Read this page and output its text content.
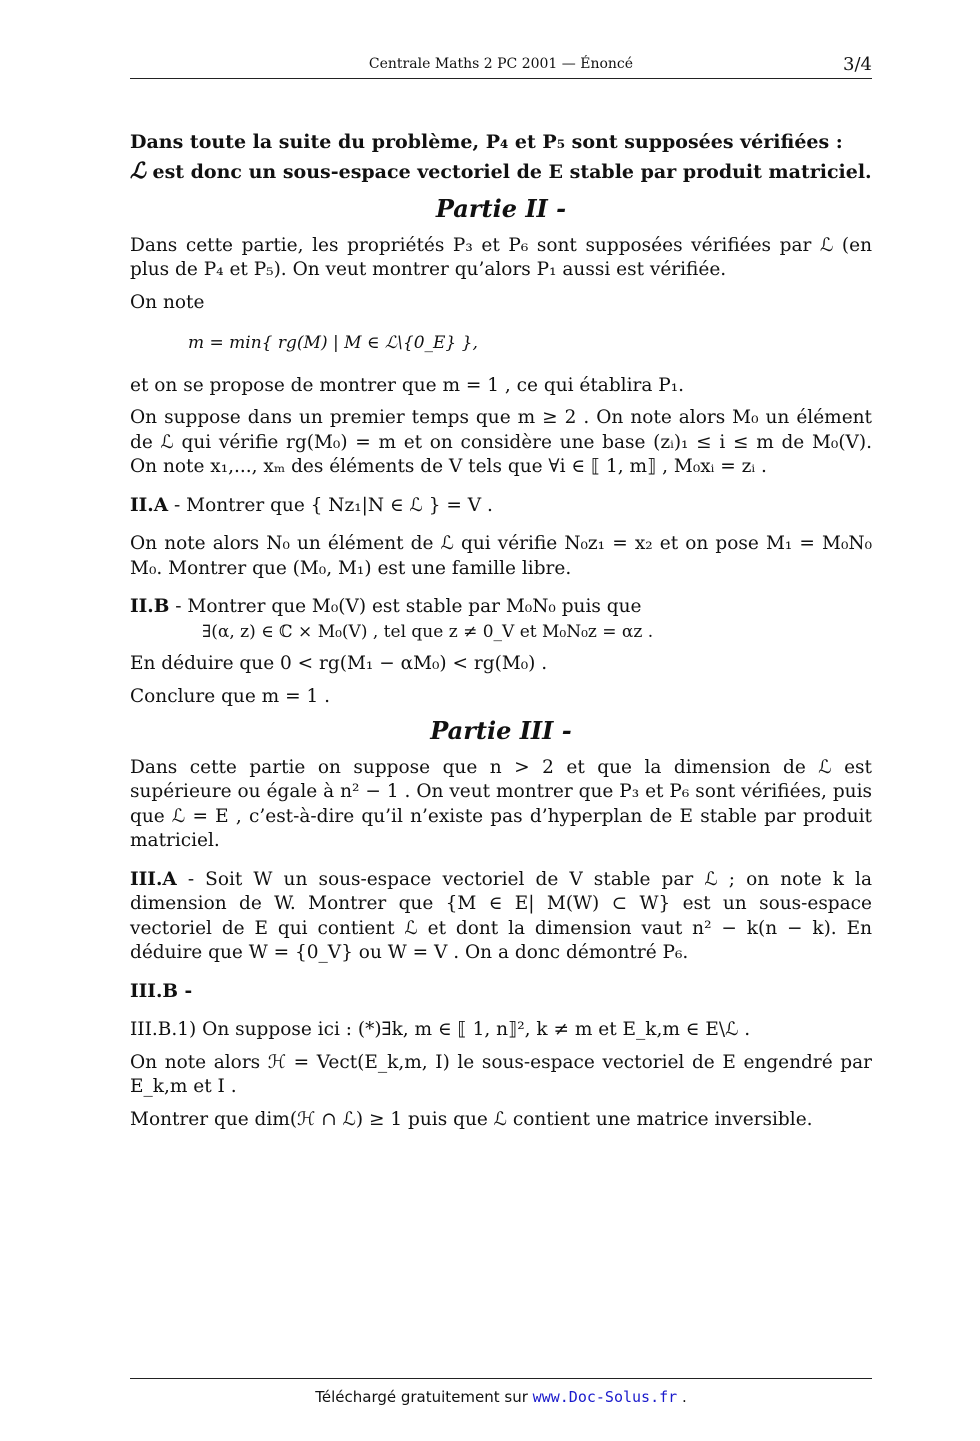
Centrale Maths 2 PC 2001 — Énoncé	3/4

Dans toute la suite du problème, P₄ et P₅ sont supposées vérifiées :

ℒ est donc un sous-espace vectoriel de E stable par produit matriciel.

Partie II -

Dans cette partie, les propriétés P₃ et P₆ sont supposées vérifiées par ℒ (en plus de P₄ et P₅). On veut montrer qu’alors P₁ aussi est vérifiée.

On note

m = min{ rg(M) | M ∈ ℒ\{0_E} },

et on se propose de montrer que m = 1 , ce qui établira P₁.

On suppose dans un premier temps que m ≥ 2 . On note alors M₀ un élément de ℒ qui vérifie rg(M₀) = m et on considère une base (zᵢ)₁ ≤ i ≤ m de M₀(V). On note x₁,..., xₘ des éléments de V tels que ∀i ∈ ⟦ 1, m⟧ , M₀xᵢ = zᵢ .

II.A - Montrer que { Nz₁|N ∈ ℒ } = V .

On note alors N₀ un élément de ℒ qui vérifie N₀z₁ = x₂ et on pose M₁ = M₀N₀ M₀. Montrer que (M₀, M₁) est une famille libre.

II.B - Montrer que M₀(V) est stable par M₀N₀ puis que

∃(α, z) ∈ ℂ × M₀(V) , tel que z ≠ 0_V et M₀N₀z = αz .

En déduire que 0 < rg(M₁ − αM₀) < rg(M₀) .

Conclure que m = 1 .

Partie III -

Dans cette partie on suppose que n > 2 et que la dimension de ℒ est supérieure ou égale à n² − 1 . On veut montrer que P₃ et P₆ sont vérifiées, puis que ℒ = E , c’est-à-dire qu’il n’existe pas d’hyperplan de E stable par produit matriciel.

III.A - Soit W un sous-espace vectoriel de V stable par ℒ ; on note k la dimension de W. Montrer que {M ∈ E| M(W) ⊂ W} est un sous-espace vectoriel de E qui contient ℒ et dont la dimension vaut n² − k(n − k). En déduire que W = {0_V} ou W = V . On a donc démontré P₆.

III.B -

III.B.1) On suppose ici : (*)∃k, m ∈ ⟦ 1, n⟧², k ≠ m et E_k,m ∈ E\ℒ .

On note alors ℋ = Vect(E_k,m, I) le sous-espace vectoriel de E engendré par E_k,m et I .

Montrer que dim(ℋ ∩ ℒ) ≥ 1 puis que ℒ contient une matrice inversible.

Téléchargé gratuitement sur www.Doc-Solus.fr .
